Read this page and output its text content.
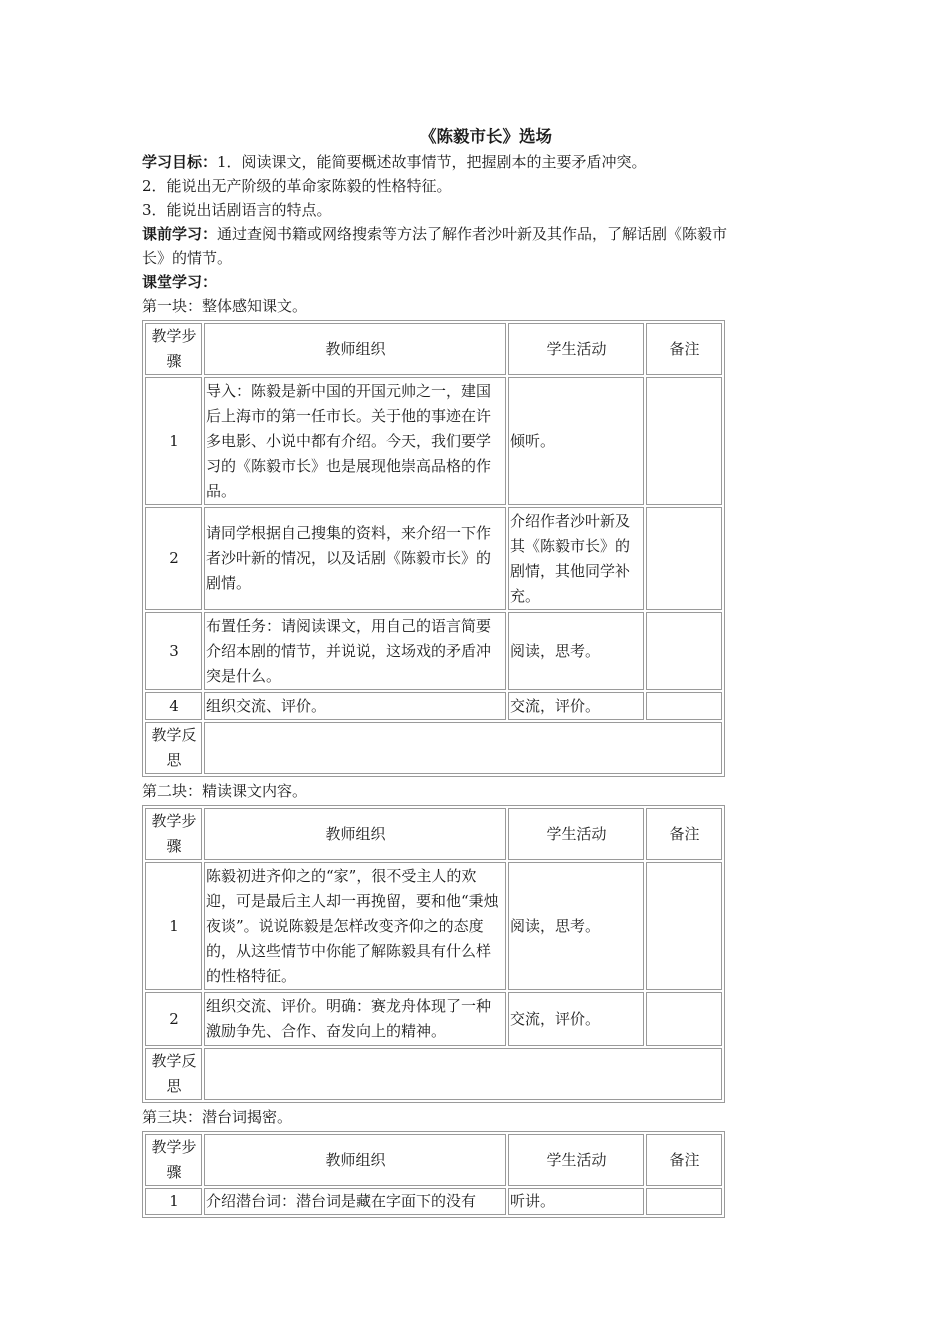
《陈毅市长》选场
学习目标：1．阅读课文，能简要概述故事情节，把握剧本的主要矛盾冲突。
2．能说出无产阶级的革命家陈毅的性格特征。
3．能说出话剧语言的特点。
课前学习：通过查阅书籍或网络搜索等方法了解作者沙叶新及其作品，了解话剧《陈毅市
长》的情节。
课堂学习：
第一块：整体感知课文。
教学步骤	教师组织	学生活动	备注
1	导入：陈毅是新中国的开国元帅之一，建国后上海市的第一任市长。关于他的事迹在许多电影、小说中都有介绍。今天，我们要学习的《陈毅市长》也是展现他崇高品格的作品。	倾听。	
2	请同学根据自己搜集的资料，来介绍一下作者沙叶新的情况，以及话剧《陈毅市长》的剧情。	介绍作者沙叶新及其《陈毅市长》的剧情，其他同学补充。	
3	布置任务：请阅读课文，用自己的语言简要介绍本剧的情节，并说说，这场戏的矛盾冲突是什么。	阅读，思考。	
4	组织交流、评价。	交流，评价。	
教学反思			
第二块：精读课文内容。
教学步骤	教师组织	学生活动	备注
1	陈毅初进齐仰之的“家”，很不受主人的欢迎，可是最后主人却一再挽留，要和他“秉烛夜谈”。说说陈毅是怎样改变齐仰之的态度的，从这些情节中你能了解陈毅具有什么样的性格特征。	阅读，思考。	
2	组织交流、评价。明确：赛龙舟体现了一种激励争先、合作、奋发向上的精神。	交流，评价。	
教学反思			
第三块：潜台词揭密。
教学步骤	教师组织	学生活动	备注
1	介绍潜台词：潜台词是藏在字面下的没有	听讲。	
